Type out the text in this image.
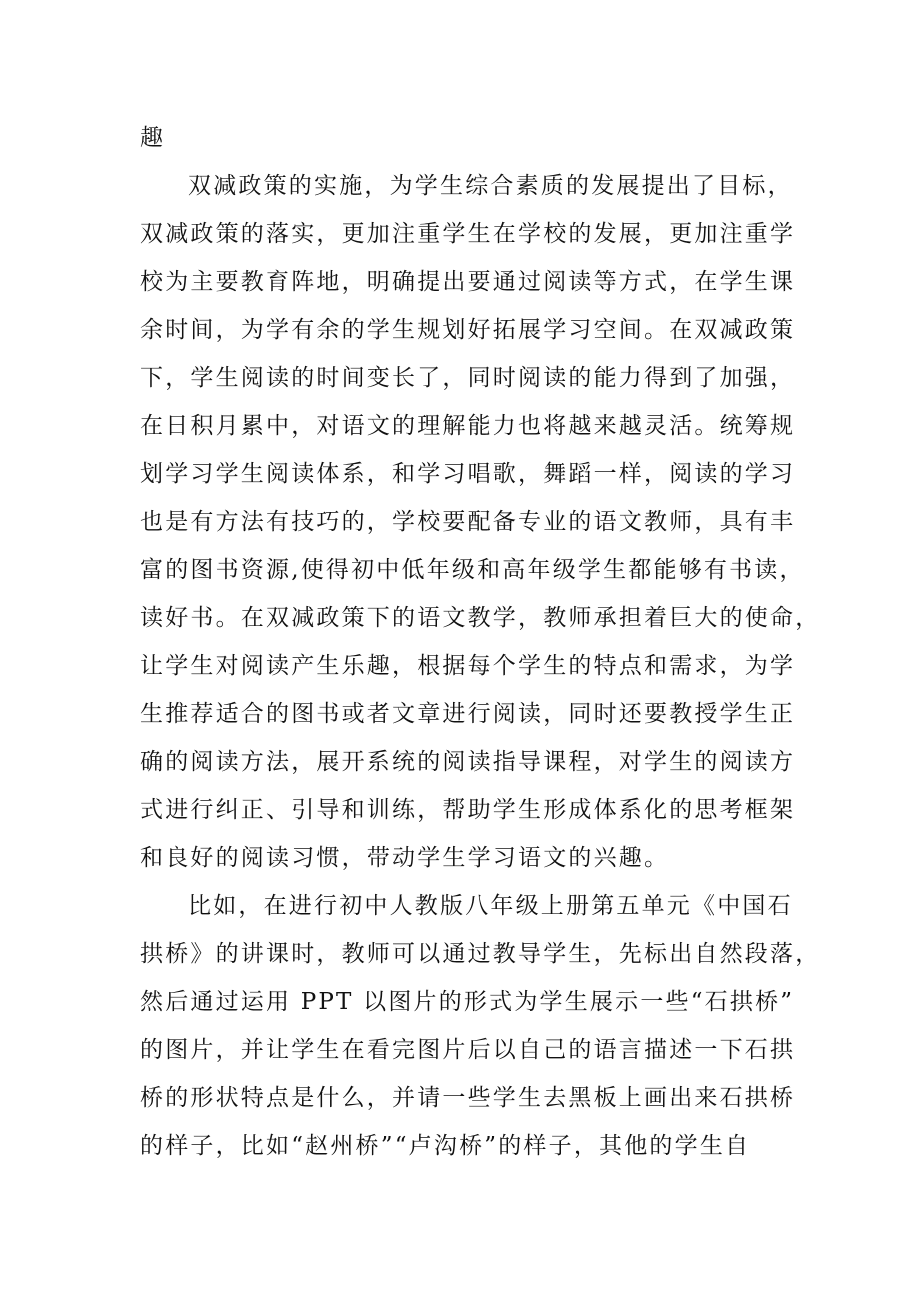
趣
双减政策的实施，为学生综合素质的发展提出了目标，
双减政策的落实，更加注重学生在学校的发展，更加注重学
校为主要教育阵地，明确提出要通过阅读等方式，在学生课
余时间，为学有余的学生规划好拓展学习空间。在双减政策
下，学生阅读的时间变长了，同时阅读的能力得到了加强，
在日积月累中，对语文的理解能力也将越来越灵活。统筹规
划学习学生阅读体系，和学习唱歌，舞蹈一样，阅读的学习
也是有方法有技巧的，学校要配备专业的语文教师，具有丰
富的图书资源,使得初中低年级和高年级学生都能够有书读，
读好书。在双减政策下的语文教学，教师承担着巨大的使命，
让学生对阅读产生乐趣，根据每个学生的特点和需求，为学
生推荐适合的图书或者文章进行阅读，同时还要教授学生正
确的阅读方法，展开系统的阅读指导课程，对学生的阅读方
式进行纠正、引导和训练，帮助学生形成体系化的思考框架
和良好的阅读习惯，带动学生学习语文的兴趣。
比如，在进行初中人教版八年级上册第五单元《中国石
拱桥》的讲课时，教师可以通过教导学生，先标出自然段落，
然后通过运用 PPT 以图片的形式为学生展示一些“石拱桥”
的图片，并让学生在看完图片后以自己的语言描述一下石拱
桥的形状特点是什么，并请一些学生去黑板上画出来石拱桥
的样子，比如“赵州桥”“卢沟桥”的样子，其他的学生自
